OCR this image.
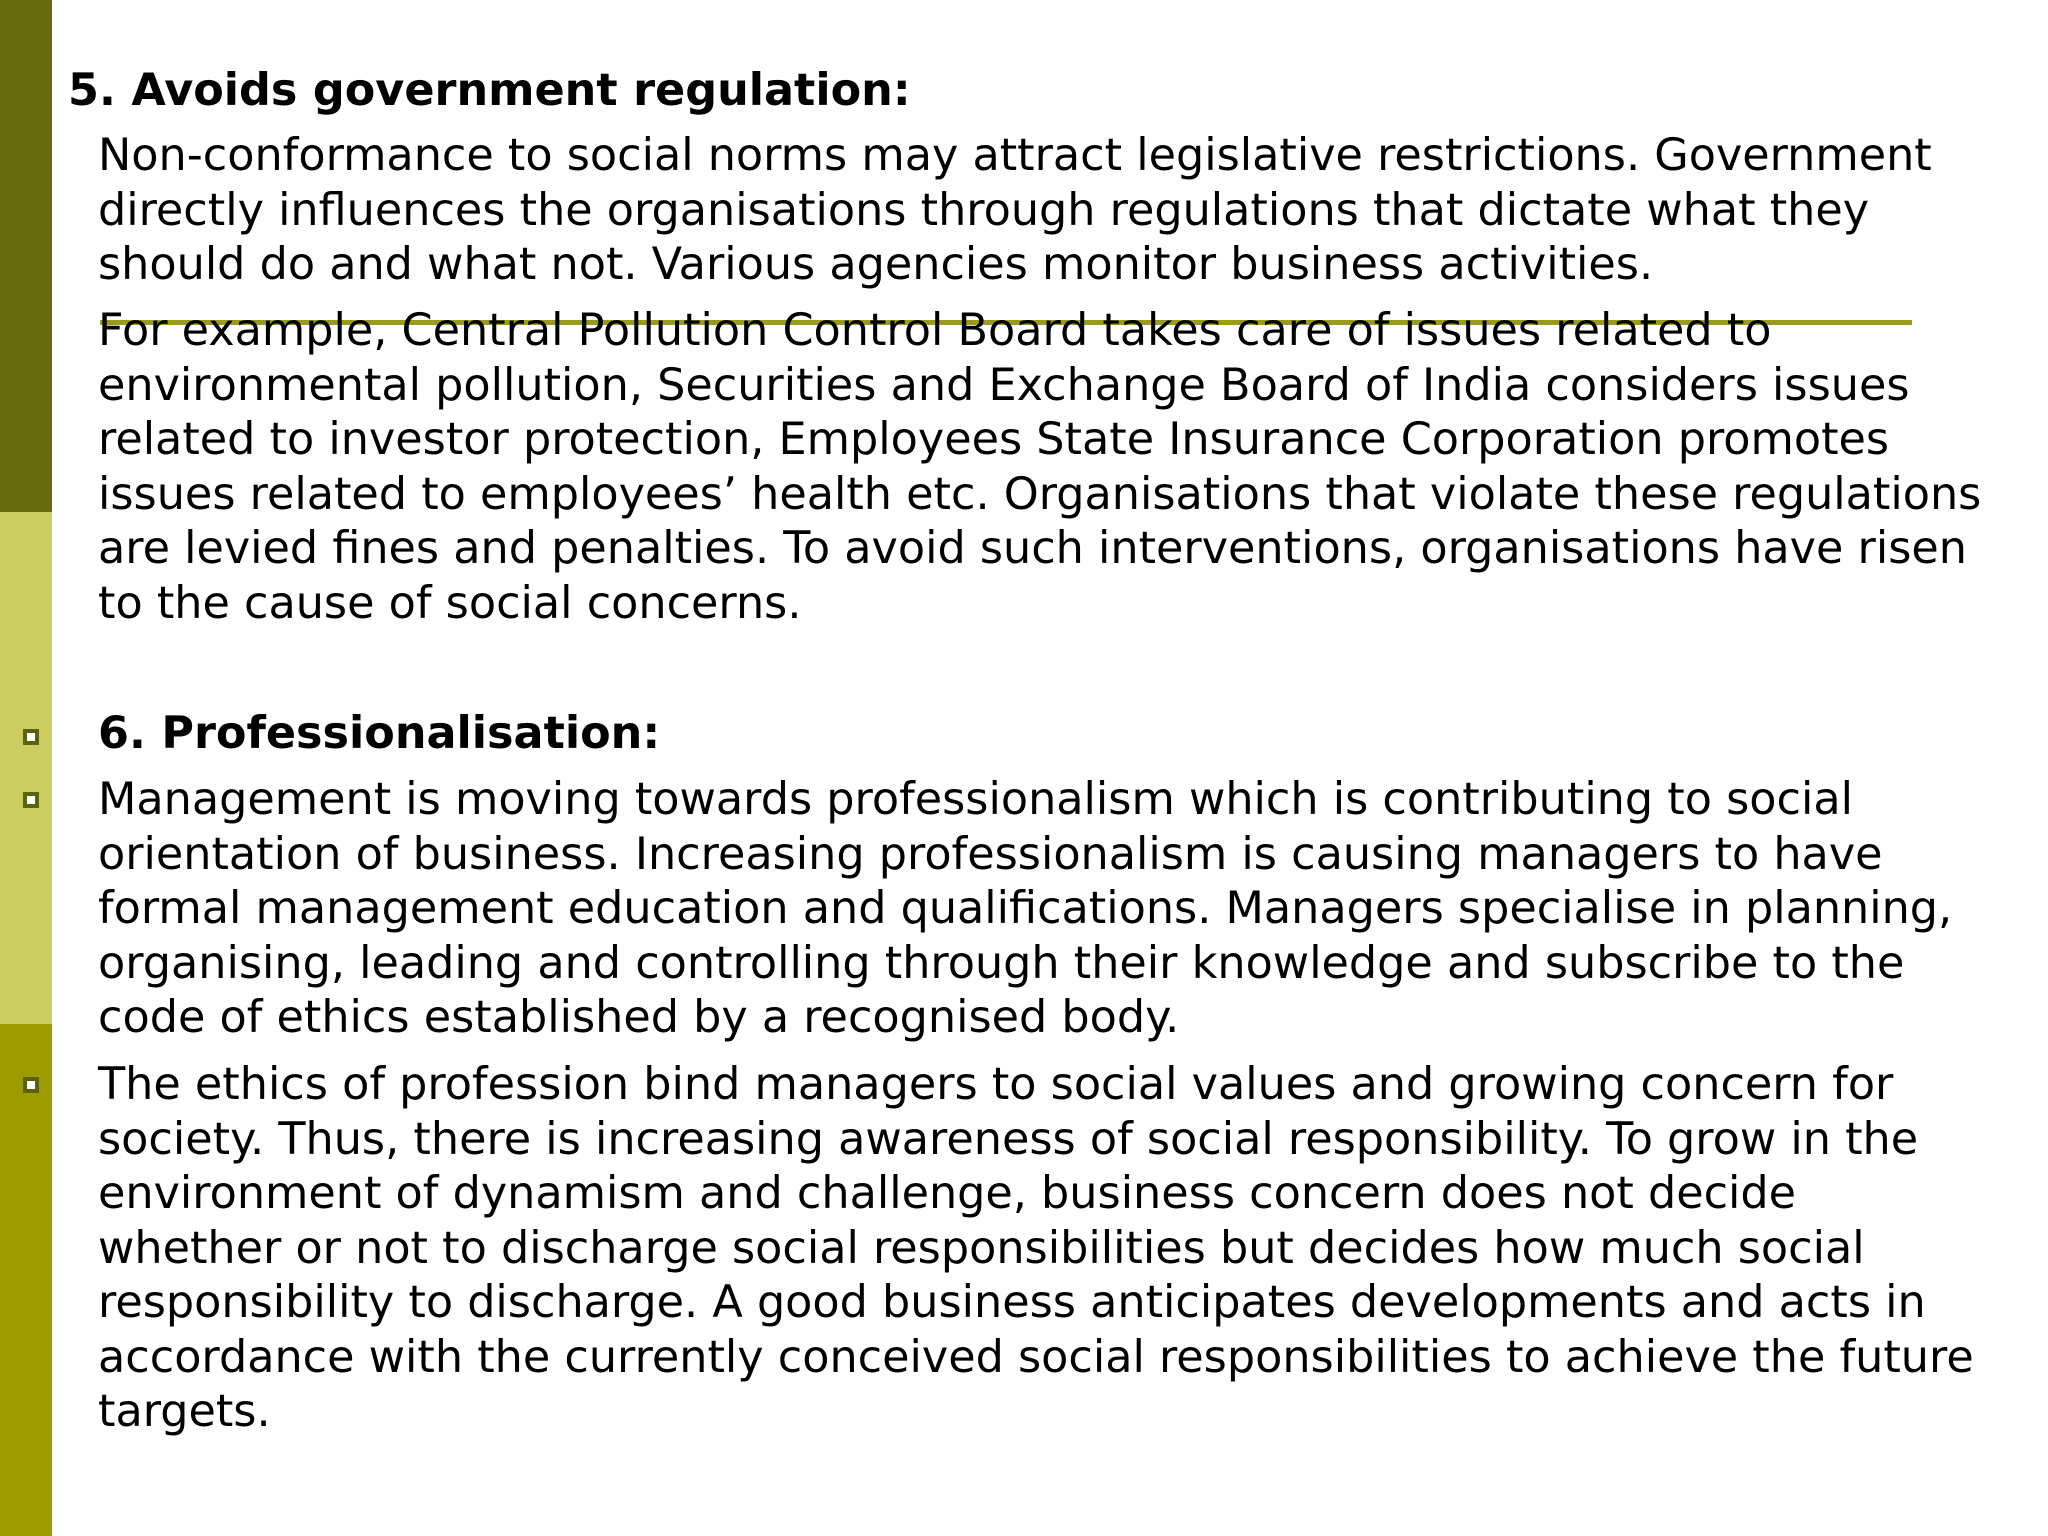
5. Avoids government regulation:
Non-conformance to social norms may attract legislative restrictions. Government
directly influences the organisations through regulations that dictate what they
should do and what not. Various agencies monitor business activities.
For example, Central Pollution Control Board takes care of issues related to
environmental pollution, Securities and Exchange Board of India considers issues
related to investor protection, Employees State Insurance Corporation promotes
issues related to employees’ health etc. Organisations that violate these regulations
are levied fines and penalties. To avoid such interventions, organisations have risen
to the cause of social concerns.
6. Professionalisation:
Management is moving towards professionalism which is contributing to social
orientation of business. Increasing professionalism is causing managers to have
formal management education and qualifications. Managers specialise in planning,
organising, leading and controlling through their knowledge and subscribe to the
code of ethics established by a recognised body.
The ethics of profession bind managers to social values and growing concern for
society. Thus, there is increasing awareness of social responsibility. To grow in the
environment of dynamism and challenge, business concern does not decide
whether or not to discharge social responsibilities but decides how much social
responsibility to discharge. A good business anticipates developments and acts in
accordance with the currently conceived social responsibilities to achieve the future
targets.
